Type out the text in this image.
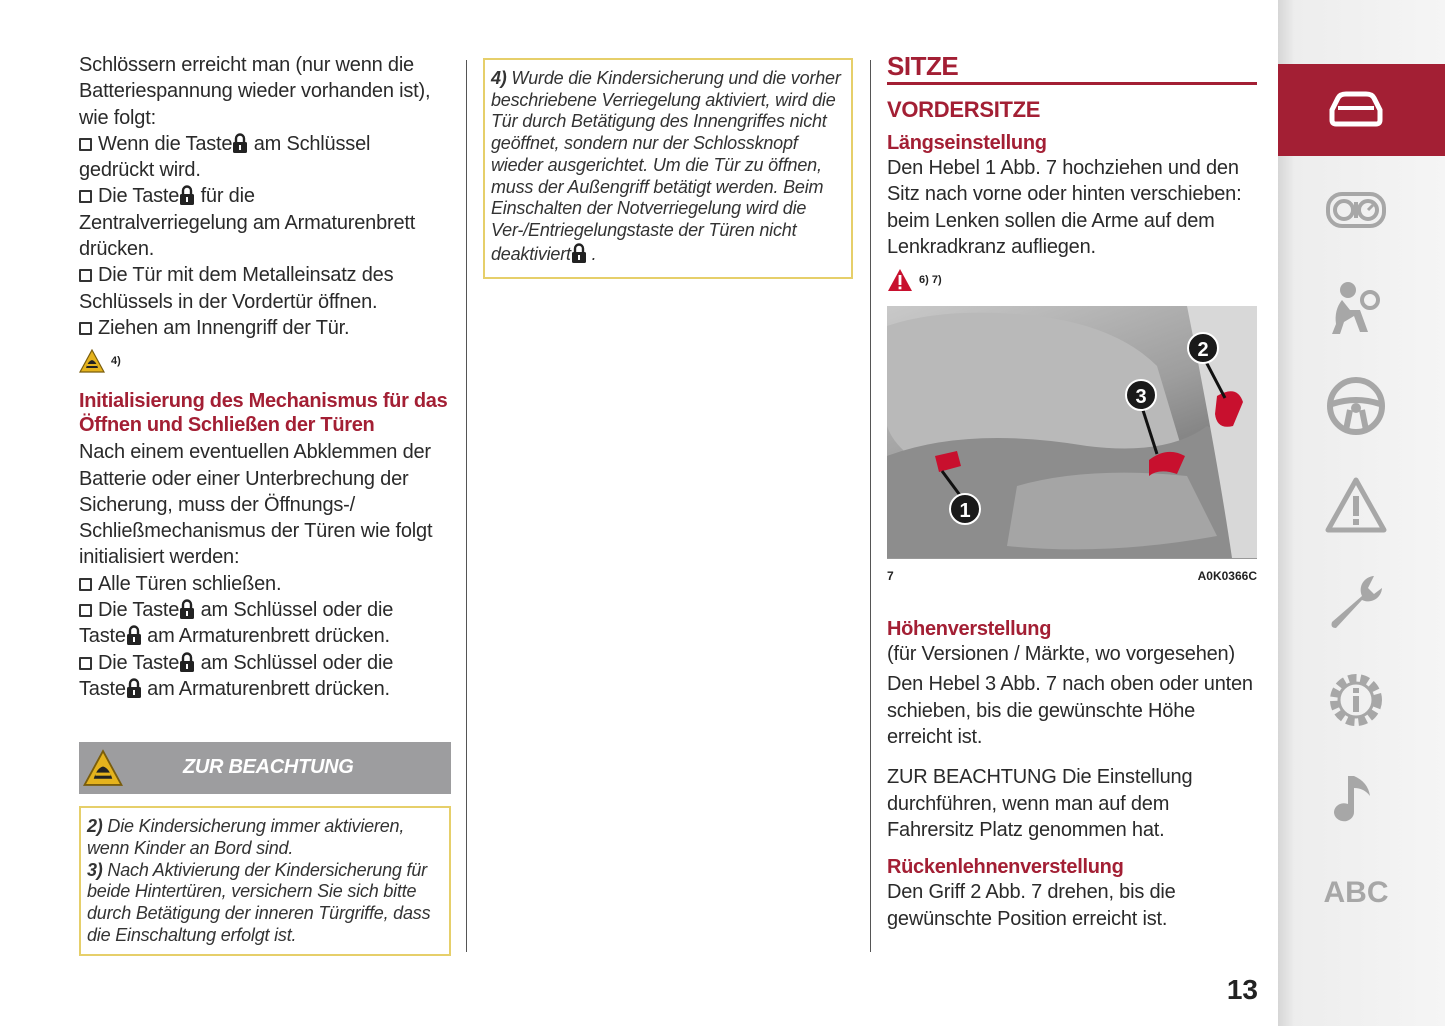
Schlössern erreicht man (nur wenn die
Batteriespannung wieder vorhanden ist),
wie folgt:
Wenn die Taste am Schlüssel
gedrückt wird.
Die Taste für die
Zentralverriegelung am Armaturenbrett
drücken.
Die Tür mit dem Metalleinsatz des
Schlüssels in der Vordertür öffnen.
Ziehen am Innengriff der Tür.

4)
Initialisierung des Mechanismus für das
Öffnen und Schließen der Türen

Nach einem eventuellen Abklemmen der
Batterie oder einer Unterbrechung der
Sicherung, muss der Öffnungs-/
Schließmechanismus der Türen wie folgt
initialisiert werden:
Alle Türen schließen.
Die Taste am Schlüssel oder die
Taste am Armaturenbrett drücken.
Die Taste am Schlüssel oder die
Taste am Armaturenbrett drücken.

ZUR BEACHTUNG
2) Die Kindersicherung immer aktivieren,
wenn Kinder an Bord sind.
3) Nach Aktivierung der Kindersicherung für
beide Hintertüren, versichern Sie sich bitte
durch Betätigung der inneren Türgriffe, dass
die Einschaltung erfolgt ist.
4) Wurde die Kindersicherung und die vorher
beschriebene Verriegelung aktiviert, wird die
Tür durch Betätigung des Innengriffes nicht
geöffnet, sondern nur der Schlossknopf
wieder ausgerichtet. Um die Tür zu öffnen,
muss der Außengriff betätigt werden. Beim
Einschalten der Notverriegelung wird die
Ver-/Entriegelungstaste der Türen nicht
deaktiviert .
SITZE
VORDERSITZE
Längseinstellung

Den Hebel 1 Abb. 7 hochziehen und den
Sitz nach vorne oder hinten verschieben:
beim Lenken sollen die Arme auf dem
Lenkradkranz aufliegen.

6) 7)
1
2
3
7	A0K0366C
Höhenverstellung

(für Versionen / Märkte, wo vorgesehen)

Den Hebel 3 Abb. 7 nach oben oder unten
schieben, bis die gewünschte Höhe
erreicht ist.

ZUR BEACHTUNG Die Einstellung
durchführen, wenn man auf dem
Fahrersitz Platz genommen hat.

Rückenlehnenverstellung

Den Griff 2 Abb. 7 drehen, bis die
gewünschte Position erreicht ist.

13
ABC
